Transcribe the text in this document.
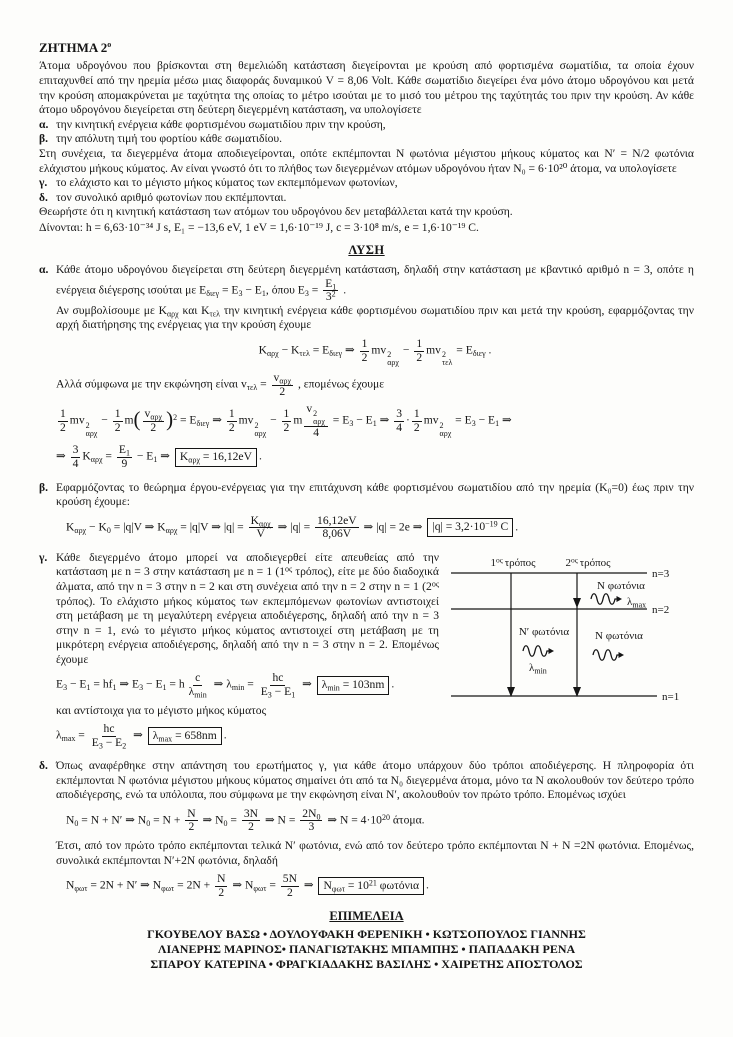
ΖΗΤΗΜΑ $2^o$

Άτομα υδρογόνου που βρίσκονται στη θεμελιώδη κατάσταση διεγείρονται με κρούση από φορτισμένα σωματίδια, τα οποία έχουν επιταχυνθεί από την ηρεμία μέσω μιας διαφοράς δυναμικού V = 8,06 Volt. Κάθε σωματίδιο διεγείρει ένα μόνο άτομο υδρογόνου και μετά την κρούση απομακρύνεται με ταχύτητα της οποίας το μέτρο ισούται με το μισό του μέτρου της ταχύτητάς του πριν την κρούση. Αν κάθε άτομο υδρογόνου διεγείρεται στη δεύτερη διεγερμένη κατάσταση, να υπολογίσετε

α. την κινητική ενέργεια κάθε φορτισμένου σωματιδίου πριν την κρούση,
β. την απόλυτη τιμή του φορτίου κάθε σωματιδίου.

Στη συνέχεια, τα διεγερμένα άτομα αποδιεγείρονται, οπότε εκπέμπονται N φωτόνια μέγιστου μήκους κύματος και N′ = N/2 φωτόνια ελάχιστου μήκους κύματος. Αν είναι γνωστό ότι το πλήθος των διεγερμένων ατόμων υδρογόνου ήταν N₀ = 6·10²⁰ άτομα, να υπολογίσετε

γ. το ελάχιστο και το μέγιστο μήκος κύματος των εκπεμπόμενων φωτονίων,
δ. τον συνολικό αριθμό φωτονίων που εκπέμπονται.

Θεωρήστε ότι η κινητική κατάσταση των ατόμων του υδρογόνου δεν μεταβάλλεται κατά την κρούση.

Δίνονται: h = 6,63·10⁻³⁴ J s, E₁ = −13,6 eV, 1 eV = 1,6·10⁻¹⁹ J, c = 3·10⁸ m/s, e = 1,6·10⁻¹⁹ C.

ΛΥΣΗ
α. Κάθε άτομο υδρογόνου διεγείρεται στη δεύτερη διεγερμένη κατάσταση, δηλαδή στην κατάσταση με κβαντικό αριθμό n = 3, οπότε η ενέργεια διέγερσης ισούται με $E_{\delta\iota\varepsilon\gamma} = E_3 - E_1$, όπου $E_3 = \frac{E_1}{3^2}$ .

Αν συμβολίσουμε με $K_{\alpha\rho\chi}$ και $K_{\tau\varepsilon\lambda}$ την κινητική ενέργεια κάθε φορτισμένου σωματιδίου πριν και μετά την κρούση, εφαρμόζοντας την αρχή διατήρησης της ενέργειας για την κρούση έχουμε

$K_{\alpha\rho\chi} - K_{\tau\varepsilon\lambda} = E_{\delta\iota\varepsilon\gamma}$ ⇒ $\frac{1}{2}$ mv 2
αρχ
− $\frac{1}{2}$ mv 2
τελ
= $E_{\delta\iota\varepsilon\gamma}$ .

Αλλά σύμφωνα με την εκφώνηση είναι $v_{\tau\varepsilon\lambda} = \frac{v_{\alpha\rho\chi}}{2}$ , επομένως έχουμε

$\frac{1}{2}$ mv 2
αρχ
− $\frac{1}{2} m( \frac{v_{\alpha\rho\chi}}{2} )^2 = E_{\delta\iota\varepsilon\gamma}$ ⇒ $\frac{1}{2}$ mv 2
αρχ
− $\frac{1}{2}$ m v 2
αρχ
$4 = E_3 - E_1$ ⇒ $\frac{3}{4} \cdot \frac{1}{2}$ mv 2
αρχ
= $E_3 - E_1$ ⇒
⇒ $\frac{3}{4} K_{\alpha\rho\chi} = \frac{E_1}{9} - E_1$ ⇒ $K_{\alpha\rho\chi} = 16,12eV$ .
β. Εφαρμόζοντας το θεώρημα έργου-ενέργειας για την επιτάχυνση κάθε φορτισμένου σωματιδίου από την ηρεμία (K₀=0) έως πριν την κρούση έχουμε:

$K_{\alpha\rho\chi} - K_0 = |q|V$ ⇒ $K_{\alpha\rho\chi} = |q|V$ ⇒ $|q| = \frac{K_{\alpha\rho\chi}}{V}$ ⇒ $|q| = \frac{16,12eV}{8,06V}$ ⇒ |q| = 2e ⇒ $|q| = 3,2\cdot 10^{-19}$ C .
γ.
n=3
n=2
n=1
$1^{o\varsigma}$ τρόπος	$2^{o\varsigma}$ τρόπος
N φωτόνια
$\lambda_{max}$
N′ φωτόνια
$\lambda_{min}$
N φωτόνια

Κάθε διεγερμένο άτομο μπορεί να αποδιεγερθεί είτε απευθείας από την κατάσταση με n = 3 στην κατάσταση με n = 1 ($1^{o\varsigma}$ τρόπος), είτε με δύο διαδοχικά άλματα, από την n = 3 στην n = 2 και στη συνέχεια από την n = 2 στην n = 1 ($2^{o\varsigma}$ τρόπος). Το ελάχιστο μήκος κύματος των εκπεμπόμενων φωτονίων αντιστοιχεί στη μετάβαση με τη μεγαλύτερη ενέργεια αποδιέγερσης, δηλαδή από την n = 3 στην n = 1, ενώ το μέγιστο μήκος κύματος αντιστοιχεί στη μετάβαση με τη μικρότερη ενέργεια αποδιέγερσης, δηλαδή από την n = 3 στην n = 2. Επομένως έχουμε

$E_3 - E_1 = hf_1$ ⇒ $E_3 - E_1 = h \frac{c}{\lambda_{min}}$ ⇒ $\lambda_{min} = \frac{hc}{E_3 - E_1}$ ⇒ $\lambda_{min} = 103nm$ .

και αντίστοιχα για το μέγιστο μήκος κύματος

$\lambda_{max} = \frac{hc}{E_3 - E_2}$ ⇒ $\lambda_{max} = 658nm$ .
δ. Όπως αναφέρθηκε στην απάντηση του ερωτήματος γ, για κάθε άτομο υπάρχουν δύο τρόποι αποδιέγερσης. Η πληροφορία ότι εκπέμπονται N φωτόνια μέγιστου μήκους κύματος σημαίνει ότι από τα N₀ διεγερμένα άτομα, μόνο τα N ακολουθούν τον δεύτερο τρόπο αποδιέγερσης, ενώ τα υπόλοιπα, που σύμφωνα με την εκφώνηση είναι N′, ακολουθούν τον πρώτο τρόπο. Επομένως ισχύει

$N_0 = N + N'$ ⇒ $N_0 = N + \frac{N}{2}$ ⇒ $N_0 = \frac{3N}{2}$ ⇒ $N = \frac{2N_0}{3}$ ⇒ $N = 4\cdot 10^{20}$ άτομα.

Έτσι, από τον πρώτο τρόπο εκπέμπονται τελικά N′ φωτόνια, ενώ από τον δεύτερο τρόπο εκπέμπονται N + N =2N φωτόνια. Επομένως, συνολικά εκπέμπονται N′+2N φωτόνια, δηλαδή

$N_{\varphi\omega\tau} = 2N + N'$ ⇒ $N_{\varphi\omega\tau} = 2N + \frac{N}{2}$ ⇒ $N_{\varphi\omega\tau} = \frac{5N}{2}$ ⇒ $N_{\varphi\omega\tau} = 10^{21}$ φωτόνια .
ΕΠΙΜΕΛΕΙΑ

ΓΚΟΥΒΕΛΟΥ ΒΑΣΩ • ΔΟΥΛΟΥΦΑΚΗ ΦΕΡΕΝΙΚΗ • ΚΩΤΣΟΠΟΥΛΟΣ ΓΙΑΝΝΗΣ

ΛΙΑΝΕΡΗΣ ΜΑΡΙΝΟΣ• ΠΑΝΑΓΙΩΤΑΚΗΣ ΜΠΑΜΠΗΣ • ΠΑΠΑΔΑΚΗ ΡΕΝΑ

ΣΠΑΡΟΥ ΚΑΤΕΡΙΝΑ • ΦΡΑΓΚΙΑΔΑΚΗΣ ΒΑΣΙΛΗΣ • ΧΑΙΡΕΤΗΣ ΑΠΟΣΤΟΛΟΣ
